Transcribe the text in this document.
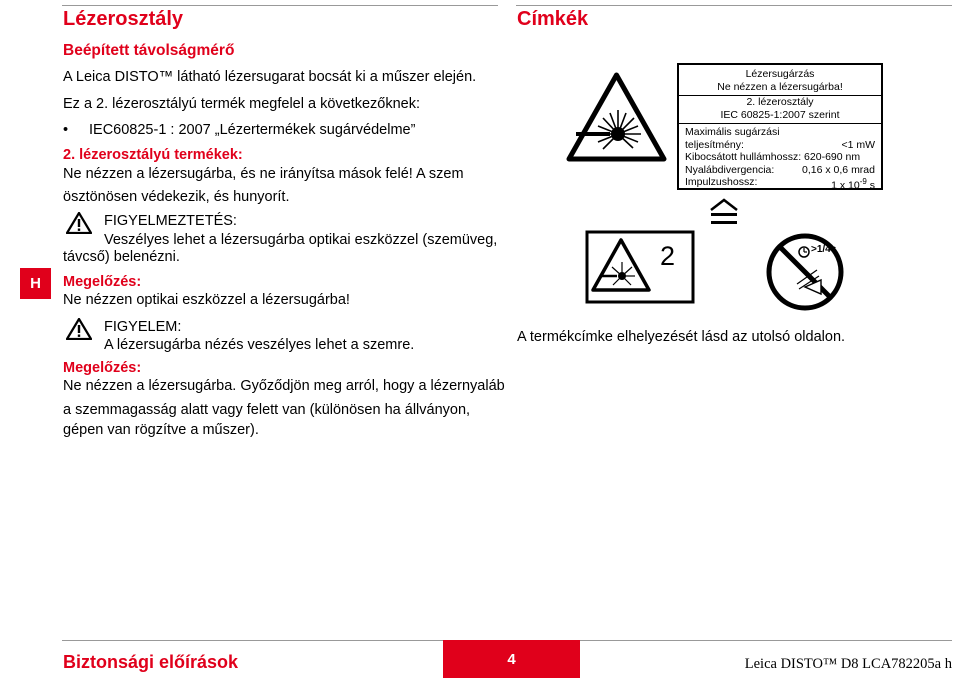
H
Lézerosztály
Beépített távolságmérő
A Leica DISTO™ látható lézersugarat bocsát ki a műszer elején.
Ez a 2. lézerosztályú termék megfelel a következőknek:
• IEC60825-1 : 2007 „Lézertermékek sugárvédelme”
2. lézerosztályú termékek:
Ne nézzen a lézersugárba, és ne irányítsa mások felé! A szem
ösztönösen védekezik, és hunyorít.
FIGYELMEZTETÉS:
Veszélyes lehet a lézersugárba optikai eszközzel (szemüveg,
távcső) belenézni.
Megelőzés:
Ne nézzen optikai eszközzel a lézersugárba!
FIGYELEM:
A lézersugárba nézés veszélyes lehet a szemre.
Megelőzés:
Ne nézzen a lézersugárba. Győződjön meg arról, hogy a lézernyaláb
a szemmagasság alatt vagy felett van (különösen ha állványon,
gépen van rögzítve a műszer).
Címkék
Lézersugárzás
Ne nézzen a lézersugárba!
2. lézerosztály
IEC 60825-1:2007 szerint
Maximális sugárzási
teljesítmény:	<1 mW
Kibocsátott hullámhossz: 620-690 nm
Nyalábdivergencia:	0,16 x 0,6 mrad
Impulzushossz:	1 x $10^{-9}$ s
2	>1/4s
A termékcímke elhelyezését lásd az utolsó oldalon.
Biztonsági előírások	4	Leica DISTO™ D8 LCA782205a h
